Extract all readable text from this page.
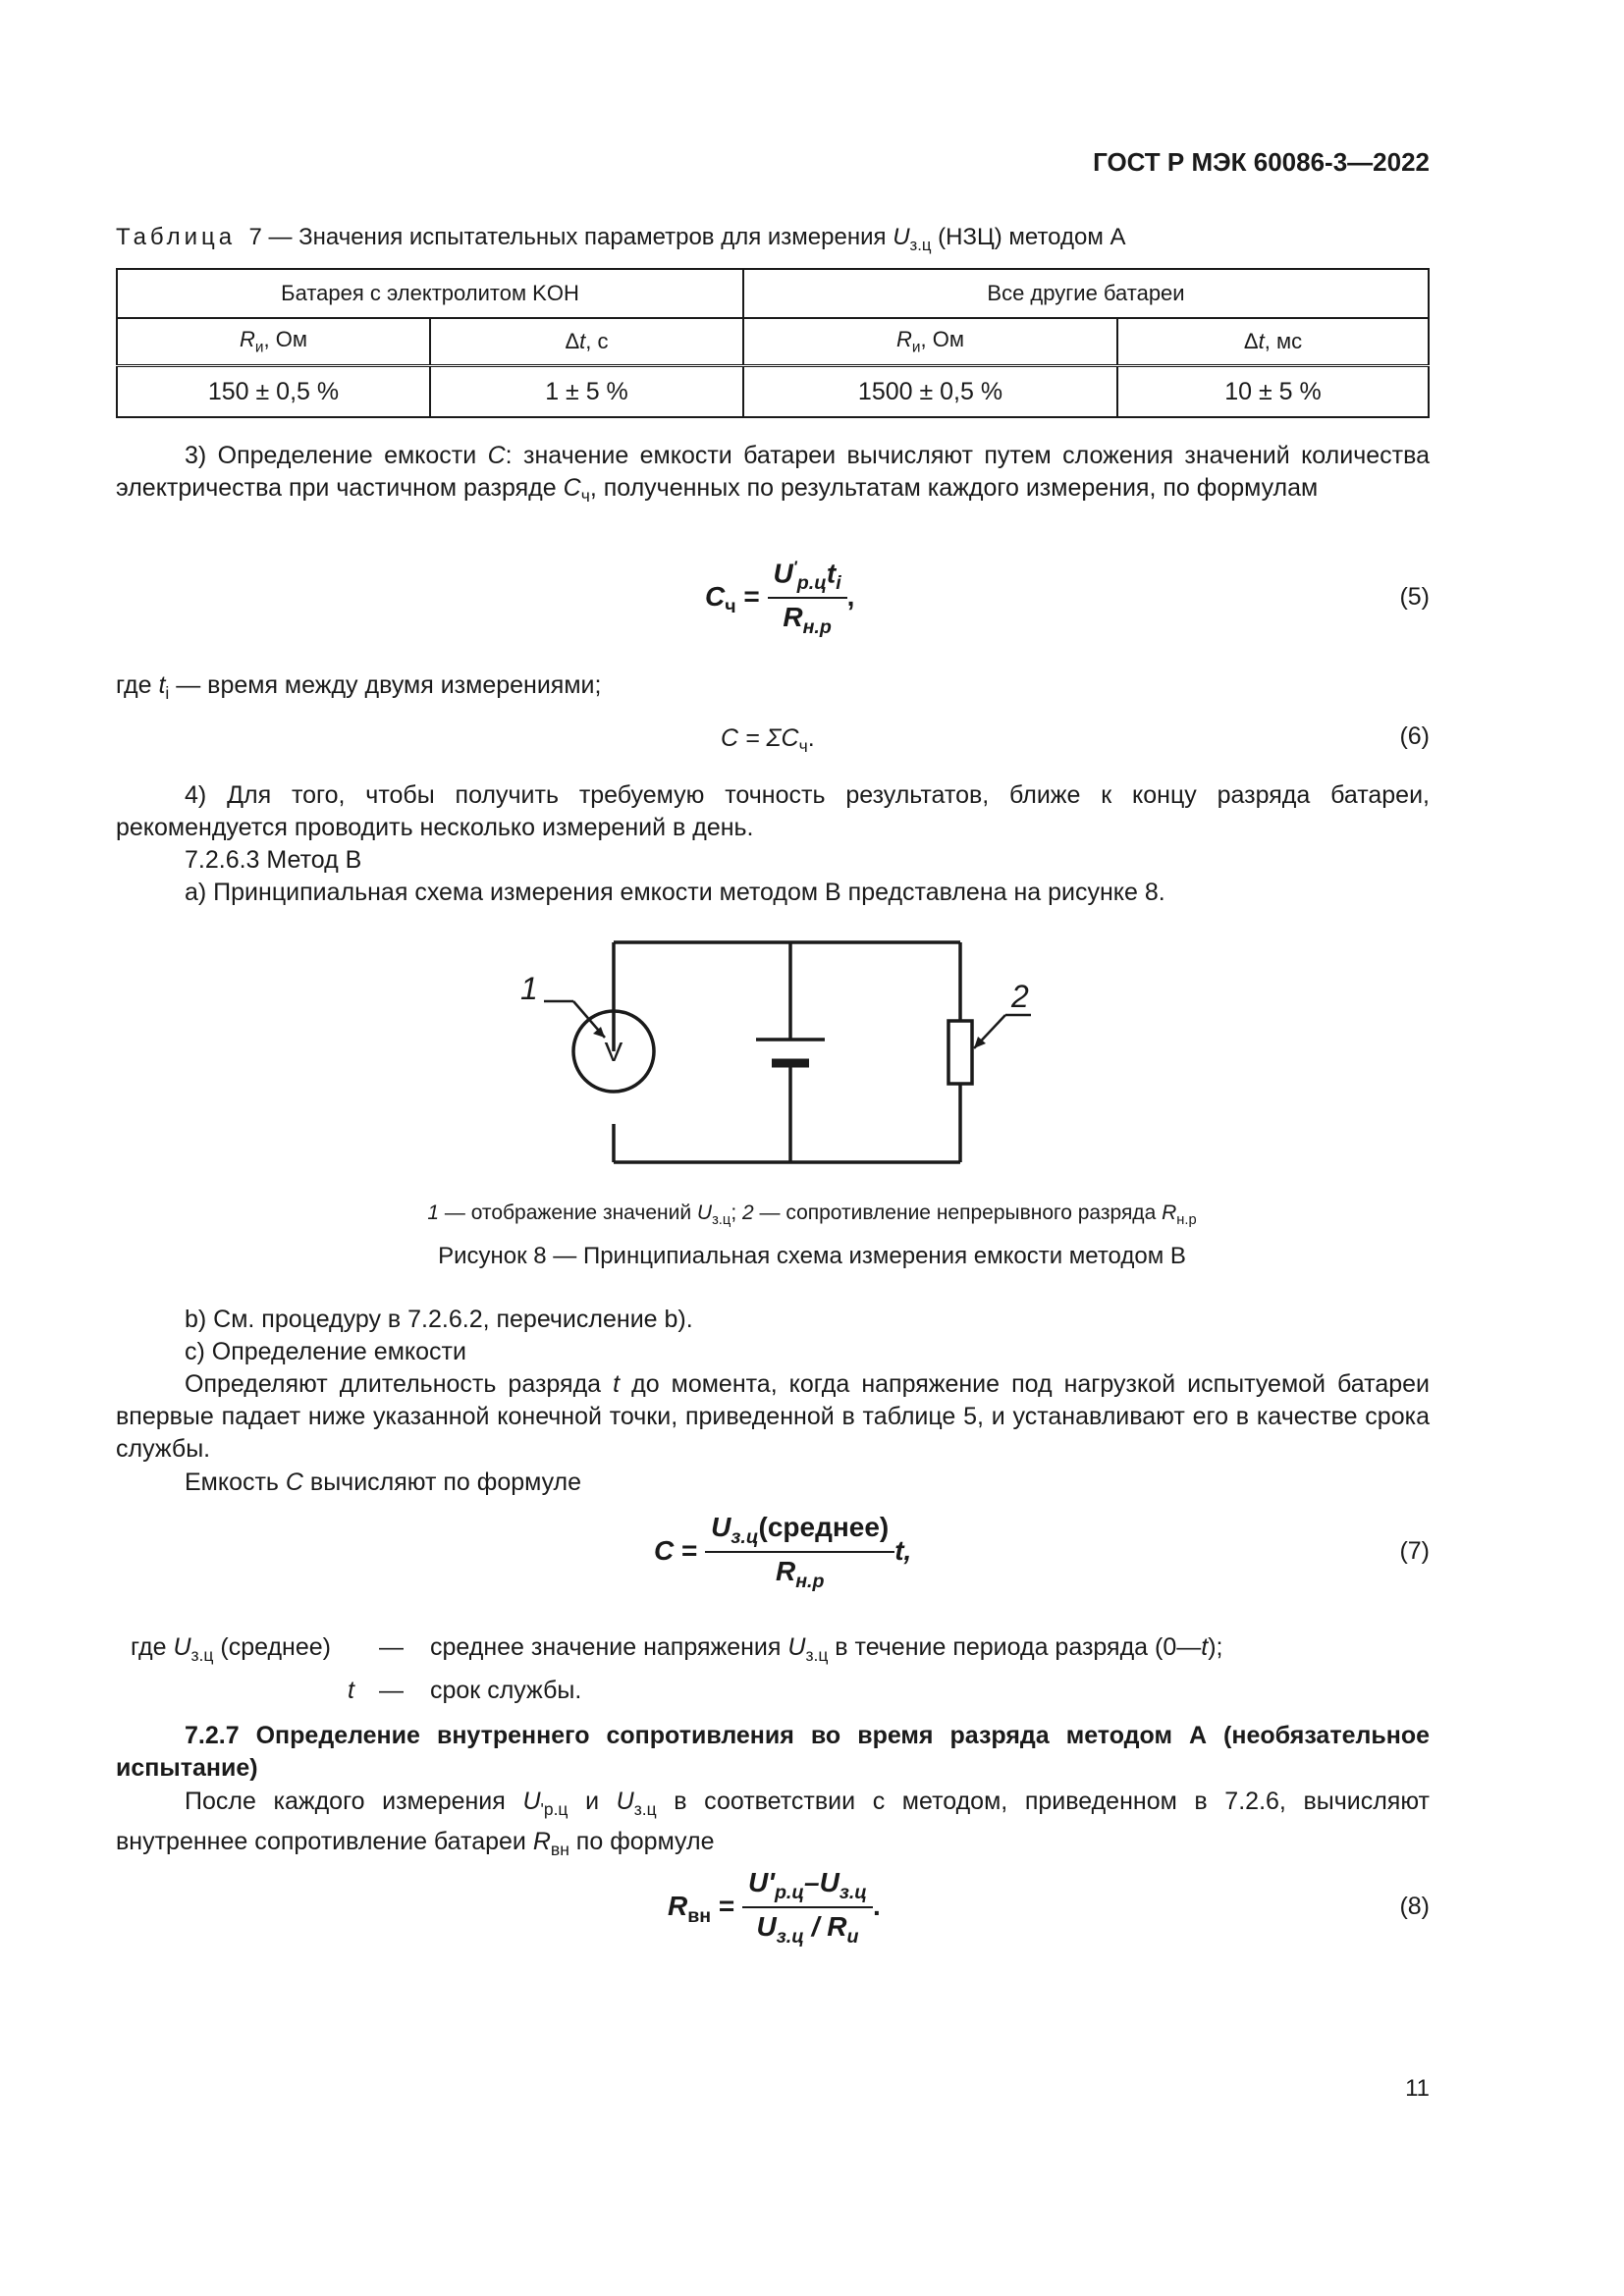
ГОСТ Р МЭК 60086-3—2022
Таблица 7 — Значения испытательных параметров для измерения $U_{з.ц}$ (НЗЦ) методом А
Батарея с электролитом KOH		Все другие батареи	
$R_и$, Ом	Δt, с	$R_и$, Ом	Δt, мс
150 ± 0,5 %	1 ± 5 %	1500 ± 0,5 %	10 ± 5 %
3) Определение емкости C: значение емкости батареи вычисляют путем сложения значений количества электричества при частичном разряде $C_ч$, полученных по результатам каждого измерения, по формулам
$C_ч = \frac{U'_{р.ц}t_i}{R_{н.р}}$ ,	(5)
где $t_i$ — время между двумя измерениями;
$C = \Sigma C_ч$.	(6)
4) Для того, чтобы получить требуемую точность результатов, ближе к концу разряда батареи, рекомендуется проводить несколько измерений в день.
7.2.6.3 Метод В
а) Принципиальная схема измерения емкости методом В представлена на рисунке 8.
V
1	2
1 — отображение значений $U_{з.ц}$; 2 — сопротивление непрерывного разряда $R_{н.р}$
Рисунок 8 — Принципиальная схема измерения емкости методом В
b) См. процедуру в 7.2.6.2, перечисление b).
c) Определение емкости
Определяют длительность разряда t до момента, когда напряжение под нагрузкой испытуемой батареи впервые падает ниже указанной конечной точки, приведенной в таблице 5, и устанавливают его в качестве срока службы.
Емкость C вычисляют по формуле
$C = \frac{U_{з.ц}(среднее)}{R_{н.р}} t$,	(7)
где $U_{з.ц}$ (среднее) — среднее значение напряжения $U_{з.ц}$ в течение периода разряда (0—t);
t — срок службы.
7.2.7 Определение внутреннего сопротивления во время разряда методом А (необязательное испытание)
После каждого измерения $U_{'р.ц}$ и $U_{з.ц}$ в соответствии с методом, приведенном в 7.2.6, вычисляют внутреннее сопротивление батареи $R_{вн}$ по формуле
$R_{вн} = \frac{U'_{р.ц}-U_{з.ц}}{U_{з.ц} / R_и}$ .	(8)
11
